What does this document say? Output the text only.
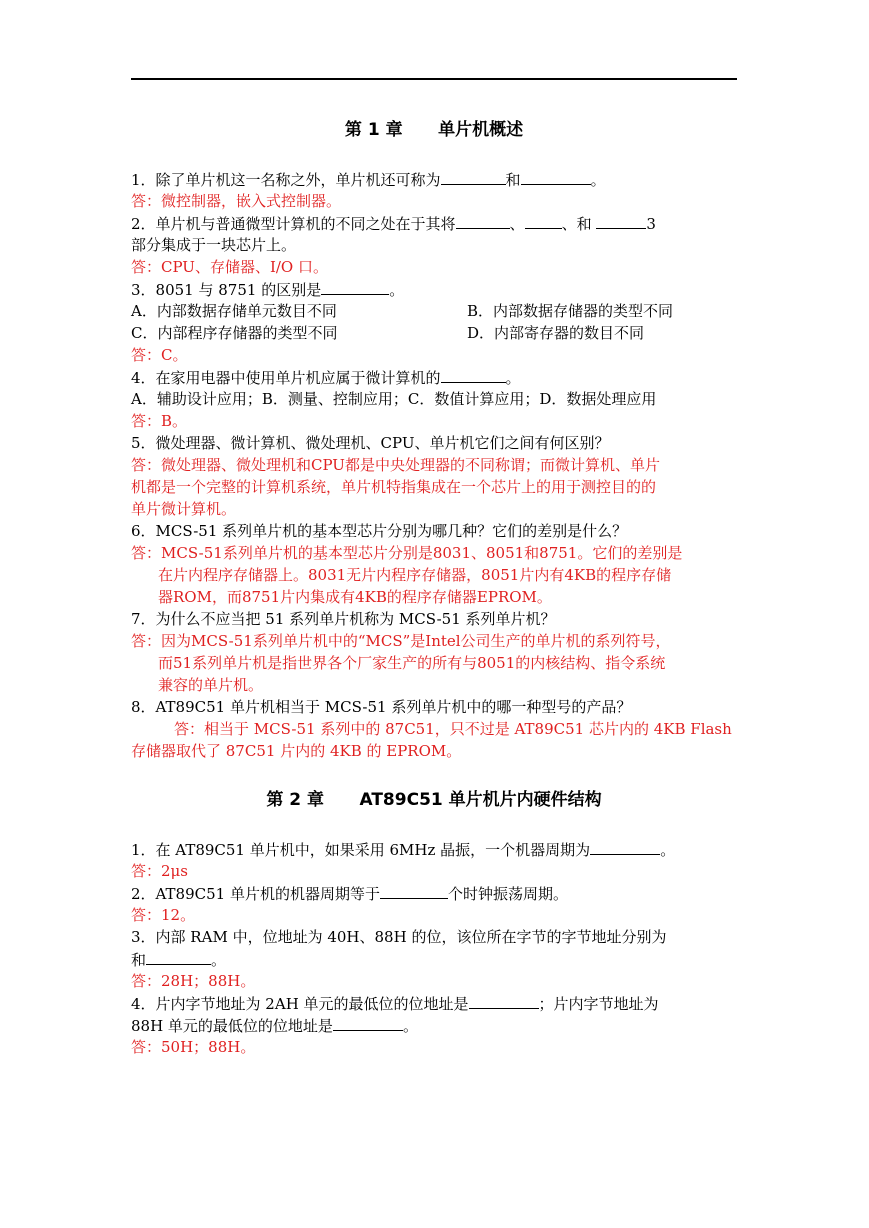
第 1 章      单片机概述
1．除了单片机这一名称之外，单片机还可称为	和	。
答：微控制器，嵌入式控制器。
2．单片机与普通微型计算机的不同之处在于其将	、 、和	3
部分集成于一块芯片上。
答：CPU、存储器、I/O 口。
3．8051 与 8751 的区别是	。
A．内部数据存储单元数目不同	B．内部数据存储器的类型不同
C．内部程序存储器的类型不同	D．内部寄存器的数目不同
答：C。
4．在家用电器中使用单片机应属于微计算机的	。
A．辅助设计应用；B．测量、控制应用；C．数值计算应用；D．数据处理应用
答：B。
5．微处理器、微计算机、微处理机、CPU、单片机它们之间有何区别？
答：微处理器、微处理机和CPU都是中央处理器的不同称谓；而微计算机、单片
机都是一个完整的计算机系统，单片机特指集成在一个芯片上的用于测控目的的
单片微计算机。
6．MCS-51 系列单片机的基本型芯片分别为哪几种？它们的差别是什么？
答：MCS-51系列单片机的基本型芯片分别是8031、8051和8751。它们的差别是
在片内程序存储器上。8031无片内程序存储器，8051片内有4KB的程序存储
器ROM，而8751片内集成有4KB的程序存储器EPROM。
7．为什么不应当把 51 系列单片机称为 MCS-51 系列单片机？
答：因为MCS-51系列单片机中的“MCS”是Intel公司生产的单片机的系列符号，
而51系列单片机是指世界各个厂家生产的所有与8051的内核结构、指令系统
兼容的单片机。
8．AT89C51 单片机相当于 MCS-51 系列单片机中的哪一种型号的产品？
答：相当于 MCS-51 系列中的 87C51，只不过是 AT89C51 芯片内的 4KB Flash
存储器取代了 87C51 片内的 4KB 的 EPROM。
第 2 章      AT89C51 单片机片内硬件结构
1．在 AT89C51 单片机中，如果采用 6MHz 晶振，一个机器周期为	。
答：2μs
2．AT89C51 单片机的机器周期等于	个时钟振荡周期。
答：12。
3．内部 RAM 中，位地址为 40H、88H 的位，该位所在字节的字节地址分别为
和	。
答：28H；88H。
4．片内字节地址为 2AH 单元的最低位的位地址是	；片内字节地址为
88H 单元的最低位的位地址是	。
答：50H；88H。
